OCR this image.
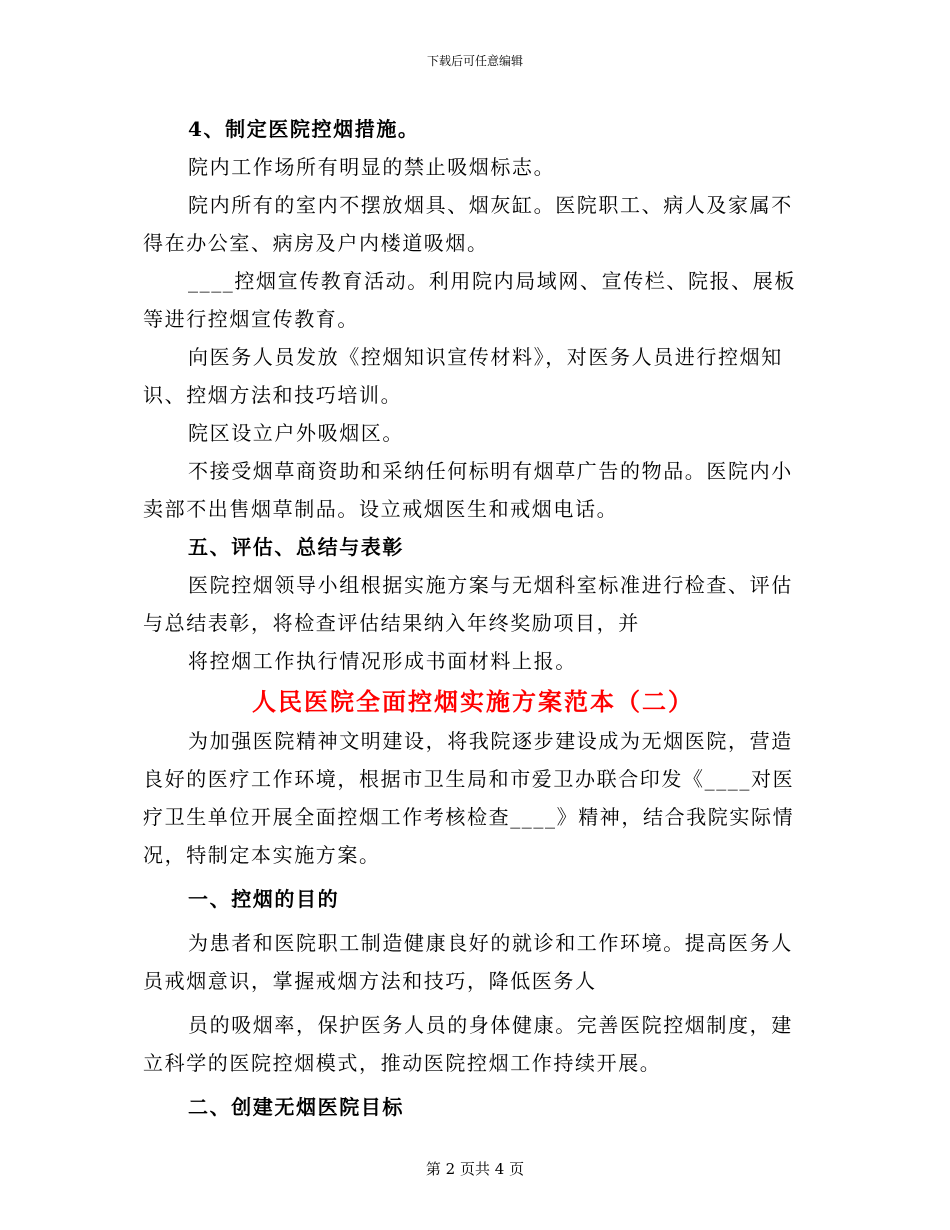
下载后可任意编辑

4、制定医院控烟措施。

院内工作场所有明显的禁止吸烟标志。

院内所有的室内不摆放烟具、烟灰缸。医院职工、病人及家属不得在办公室、病房及户内楼道吸烟。

____控烟宣传教育活动。利用院内局域网、宣传栏、院报、展板等进行控烟宣传教育。

向医务人员发放《控烟知识宣传材料》，对医务人员进行控烟知识、控烟方法和技巧培训。

院区设立户外吸烟区。

不接受烟草商资助和采纳任何标明有烟草广告的物品。医院内小卖部不出售烟草制品。设立戒烟医生和戒烟电话。

五、评估、总结与表彰

医院控烟领导小组根据实施方案与无烟科室标准进行检查、评估与总结表彰，将检查评估结果纳入年终奖励项目，并

将控烟工作执行情况形成书面材料上报。

人民医院全面控烟实施方案范本（二）

为加强医院精神文明建设，将我院逐步建设成为无烟医院，营造良好的医疗工作环境，根据市卫生局和市爱卫办联合印发《____对医疗卫生单位开展全面控烟工作考核检查____》精神，结合我院实际情况，特制定本实施方案。

一、控烟的目的

为患者和医院职工制造健康良好的就诊和工作环境。提高医务人员戒烟意识，掌握戒烟方法和技巧，降低医务人

员的吸烟率，保护医务人员的身体健康。完善医院控烟制度，建立科学的医院控烟模式，推动医院控烟工作持续开展。

二、创建无烟医院目标

第 2 页共 4 页
